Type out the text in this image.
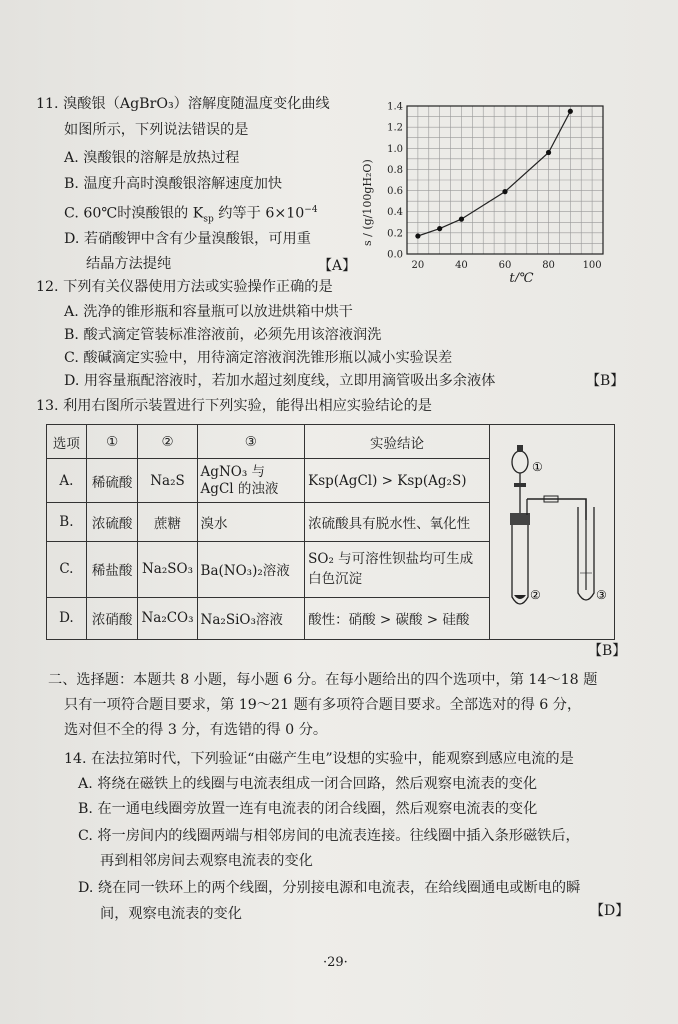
11. 溴酸银（AgBrO₃）溶解度随温度变化曲线
如图所示，下列说法错误的是
A. 溴酸银的溶解是放热过程
B. 温度升高时溴酸银溶解速度加快
C. 60℃时溴酸银的 $K_{sp}$ 约等于 $6\times 10^{-4}$
D. 若硝酸钾中含有少量溴酸银，可用重
结晶方法提纯	【A】	20	40	60	80	100
0.0
0.2
0.4
0.6
0.8
1.0
1.2
1.4
t/℃
s / (g/100gH₂O)
12. 下列有关仪器使用方法或实验操作正确的是
A. 洗净的锥形瓶和容量瓶可以放进烘箱中烘干
B. 酸式滴定管装标准溶液前，必须先用该溶液润洗
C. 酸碱滴定实验中，用待滴定溶液润洗锥形瓶以减小实验误差
D. 用容量瓶配溶液时，若加水超过刻度线，立即用滴管吸出多余液体	【B】
13. 利用右图所示装置进行下列实验，能得出相应实验结论的是
选项	①	②	③	实验结论	①
② ③

A.	稀硫酸	Na₂S	AgNO₃ 与 AgCl 的浊液	Ksp(AgCl) > Ksp(Ag₂S)	
B.	浓硫酸	蔗糖	溴水	浓硫酸具有脱水性、氧化性	
C.	稀盐酸	Na₂SO₃	Ba(NO₃)₂溶液	SO₂ 与可溶性钡盐均可生成白色沉淀	
D.	浓硝酸	Na₂CO₃	Na₂SiO₃溶液	酸性：硝酸 > 碳酸 > 硅酸	
【B】
二、选择题：本题共 8 小题，每小题 6 分。在每小题给出的四个选项中，第 14～18 题
只有一项符合题目要求，第 19～21 题有多项符合题目要求。全部选对的得 6 分，
选对但不全的得 3 分，有选错的得 0 分。
14. 在法拉第时代，下列验证“由磁产生电”设想的实验中，能观察到感应电流的是
A. 将绕在磁铁上的线圈与电流表组成一闭合回路，然后观察电流表的变化
B. 在一通电线圈旁放置一连有电流表的闭合线圈，然后观察电流表的变化
C. 将一房间内的线圈两端与相邻房间的电流表连接。往线圈中插入条形磁铁后，
再到相邻房间去观察电流表的变化
D. 绕在同一铁环上的两个线圈，分别接电源和电流表，在给线圈通电或断电的瞬
间，观察电流表的变化	【D】
·29·
